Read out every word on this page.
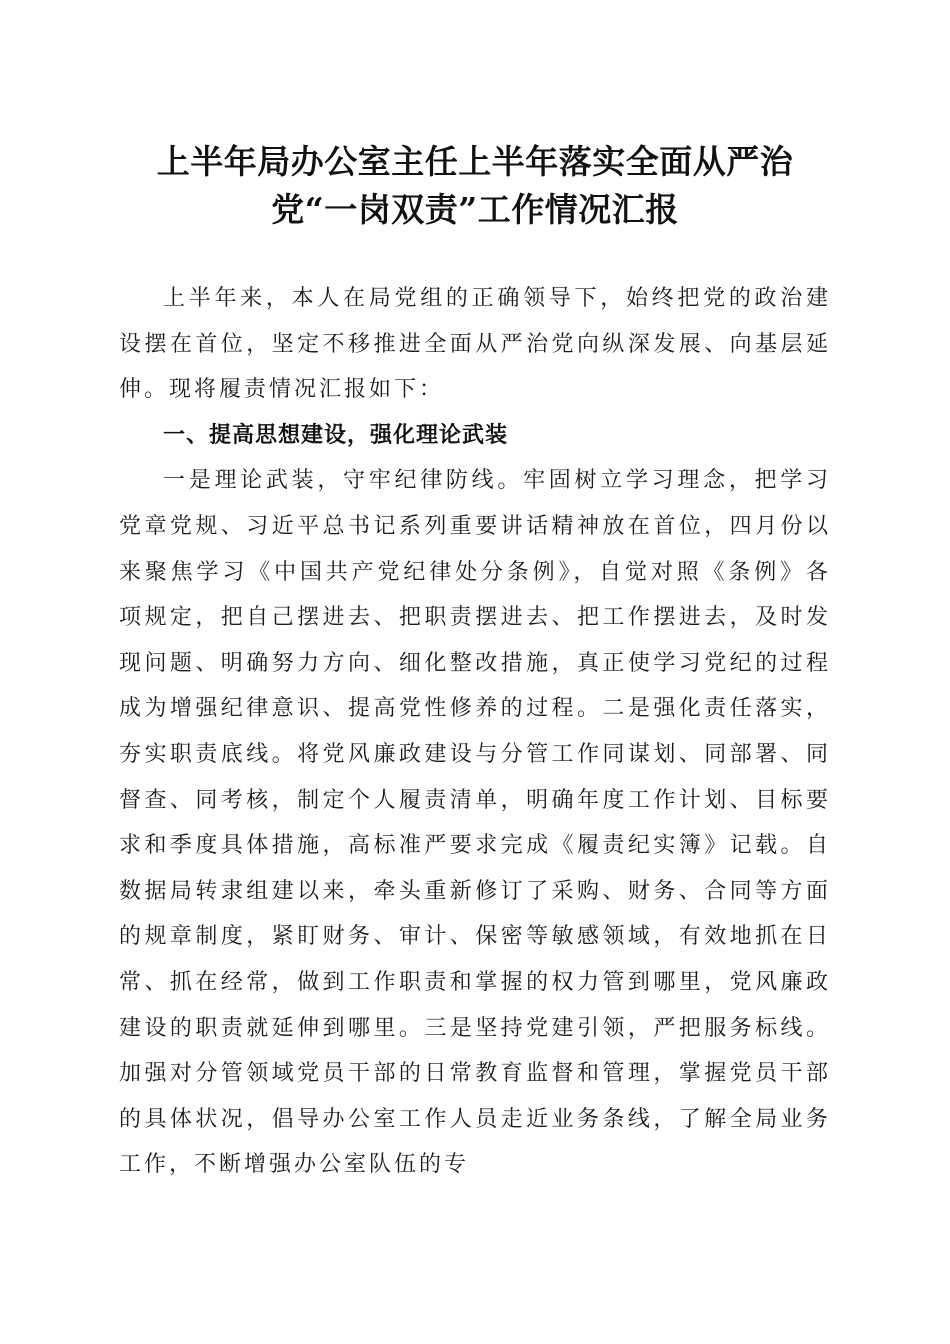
上半年局办公室主任上半年落实全面从严治
党“一岗双责”工作情况汇报

上半年来，本人在局党组的正确领导下，始终把党的政治建设摆在首位，坚定不移推进全面从严治党向纵深发展、向基层延伸。现将履责情况汇报如下：

一、提高思想建设，强化理论武装

一是理论武装，守牢纪律防线。牢固树立学习理念，把学习党章党规、习近平总书记系列重要讲话精神放在首位，四月份以来聚焦学习《中国共产党纪律处分条例》，自觉对照《条例》各项规定，把自己摆进去、把职责摆进去、把工作摆进去，及时发现问题、明确努力方向、细化整改措施，真正使学习党纪的过程成为增强纪律意识、提高党性修养的过程。二是强化责任落实，夯实职责底线。将党风廉政建设与分管工作同谋划、同部署、同督查、同考核，制定个人履责清单，明确年度工作计划、目标要求和季度具体措施，高标准严要求完成《履责纪实簿》记载。自数据局转隶组建以来，牵头重新修订了采购、财务、合同等方面的规章制度，紧盯财务、审计、保密等敏感领域，有效地抓在日常、抓在经常，做到工作职责和掌握的权力管到哪里，党风廉政建设的职责就延伸到哪里。三是坚持党建引领，严把服务标线。加强对分管领域党员干部的日常教育监督和管理，掌握党员干部的具体状况，倡导办公室工作人员走近业务条线，了解全局业务工作，不断增强办公室队伍的专
